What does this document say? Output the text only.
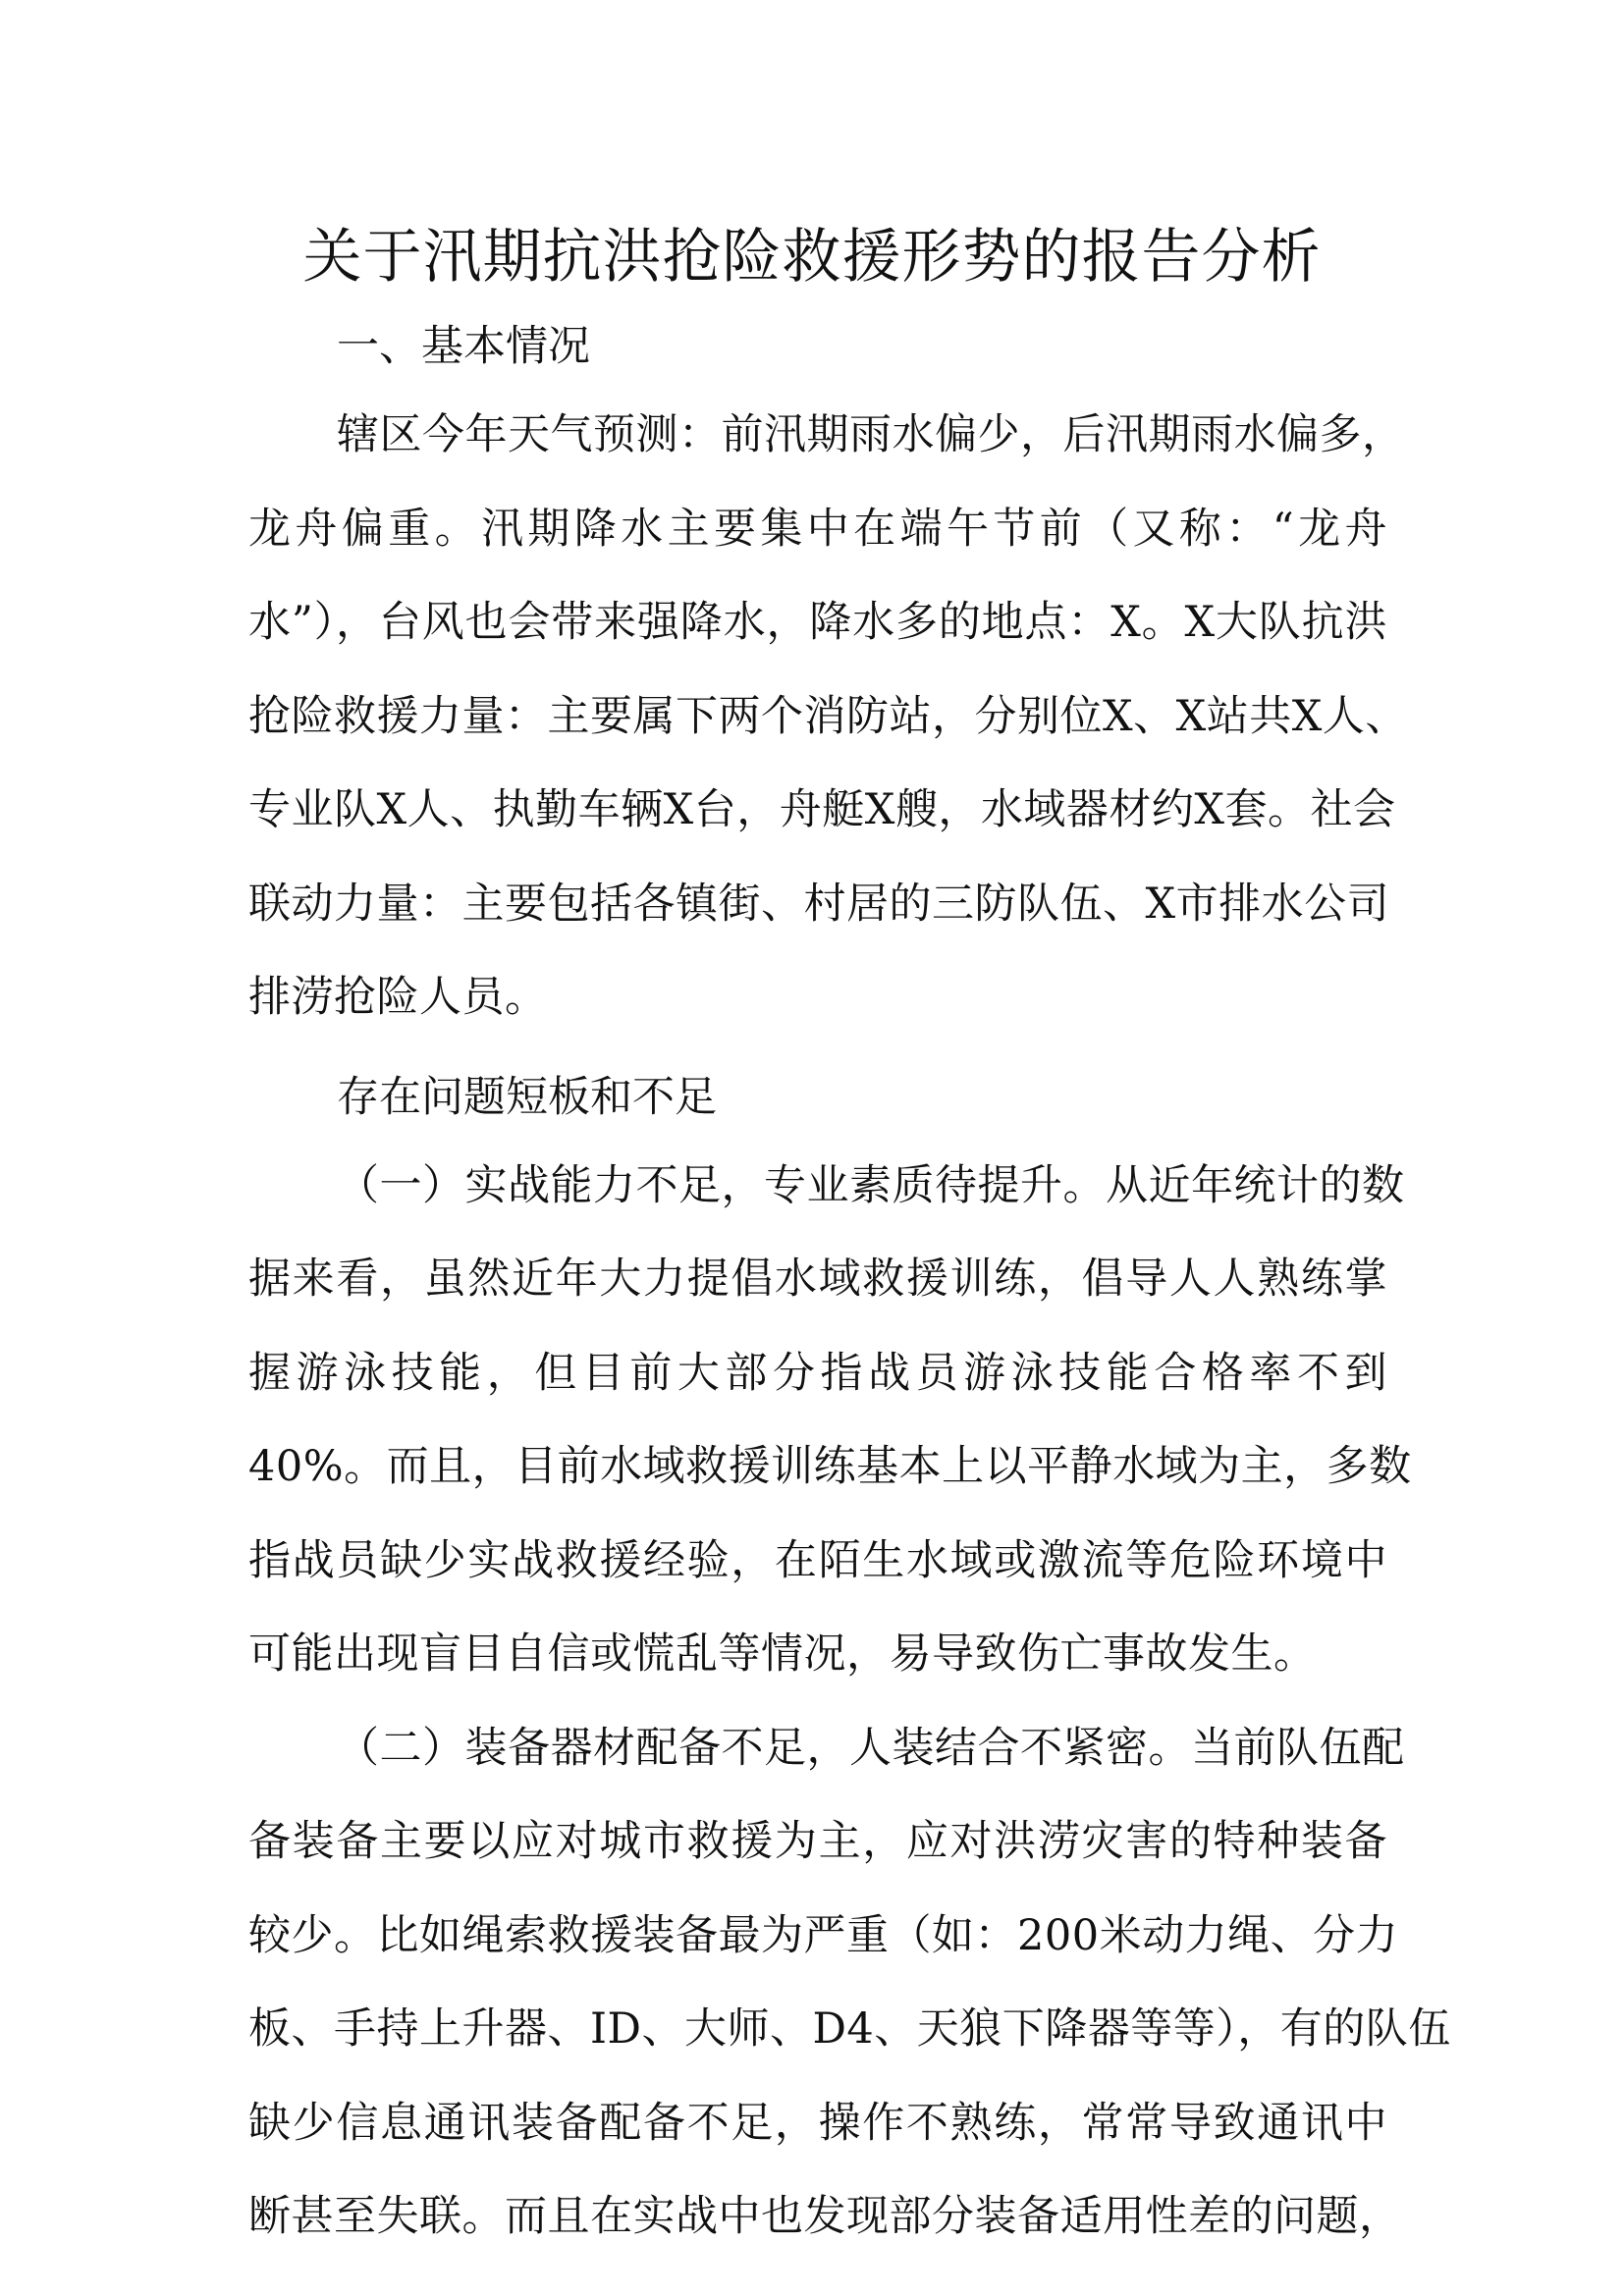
关于汛期抗洪抢险救援形势的报告分析
一、基本情况

辖区今年天气预测：前汛期雨水偏少，后汛期雨水偏多，
龙舟偏重。汛期降水主要集中在端午节前（又称：“龙舟
水”），台风也会带来强降水，降水多的地点：X。X大队抗洪
抢险救援力量：主要属下两个消防站，分别位X、X站共X人、
专业队X人、执勤车辆X台，舟艇X艘，水域器材约X套。社会
联动力量：主要包括各镇街、村居的三防队伍、X市排水公司
排涝抢险人员。

存在问题短板和不足

（一）实战能力不足，专业素质待提升。从近年统计的数
据来看，虽然近年大力提倡水域救援训练，倡导人人熟练掌
握游泳技能，但目前大部分指战员游泳技能合格率不到
40%。而且，目前水域救援训练基本上以平静水域为主，多数
指战员缺少实战救援经验，在陌生水域或激流等危险环境中
可能出现盲目自信或慌乱等情况，易导致伤亡事故发生。

（二）装备器材配备不足，人装结合不紧密。当前队伍配
备装备主要以应对城市救援为主，应对洪涝灾害的特种装备
较少。比如绳索救援装备最为严重（如：200米动力绳、分力
板、手持上升器、ID、大师、D4、天狼下降器等等），有的队伍
缺少信息通讯装备配备不足，操作不熟练，常常导致通讯中
断甚至失联。而且在实战中也发现部分装备适用性差的问题，
